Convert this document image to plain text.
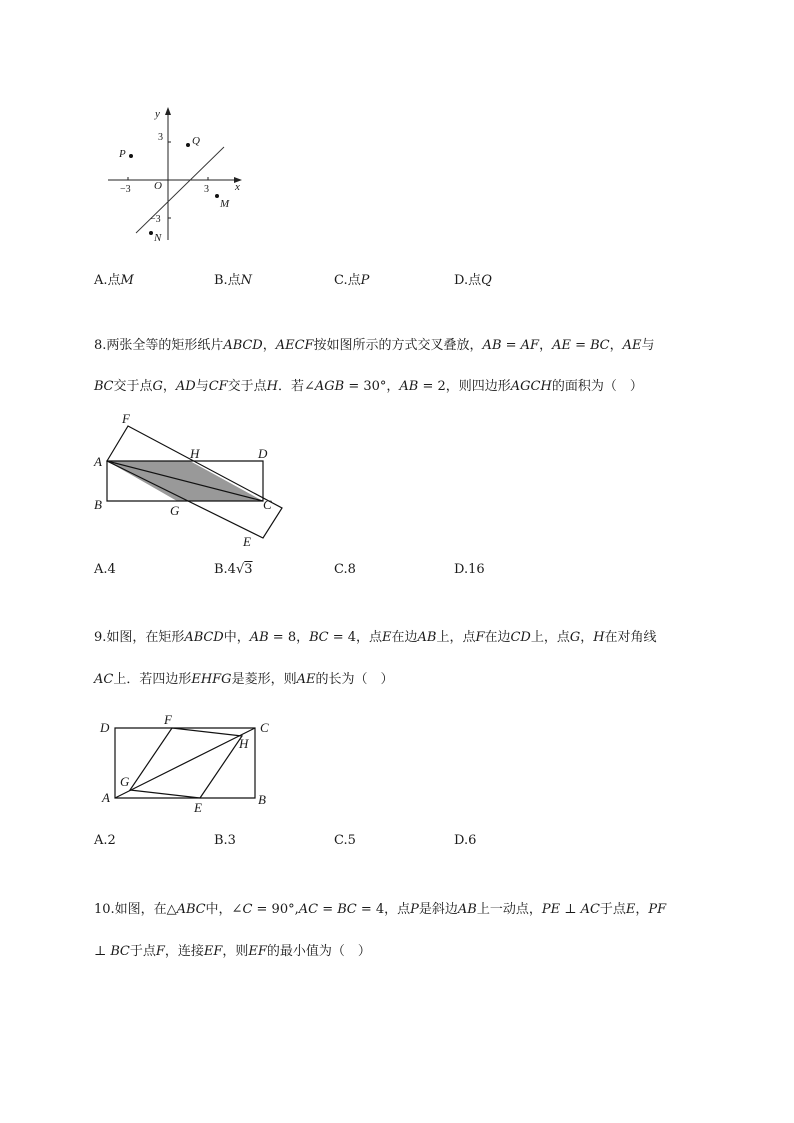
y
x
O
−3	3
3
−3
P
Q
M
N
A.点𝑀	B.点𝑁	C.点𝑃	D.点𝑄
8.两张全等的矩形纸片𝐴𝐵𝐶𝐷，𝐴𝐸𝐶𝐹按如图所示的方式交叉叠放，𝐴𝐵 = 𝐴𝐹，𝐴𝐸 = 𝐵𝐶，𝐴𝐸与
𝐵𝐶交于点𝐺，𝐴𝐷与𝐶𝐹交于点𝐻．若∠𝐴𝐺𝐵 = 30°，𝐴𝐵 = 2，则四边形𝐴𝐺𝐶𝐻的面积为（　）
F
H	D
A
B	G	C
E
A.4	B.4√3	C.8	D.16
9.如图，在矩形𝐴𝐵𝐶𝐷中，𝐴𝐵 = 8，𝐵𝐶 = 4，点𝐸在边𝐴𝐵上，点𝐹在边𝐶𝐷上，点𝐺，𝐻在对角线
𝐴𝐶上．若四边形𝐸𝐻𝐹𝐺是菱形，则𝐴𝐸的长为（　）
D
F
C
H
G
A
E
B
A.2	B.3	C.5	D.6
10.如图，在△𝐴𝐵𝐶中，∠𝐶 = 90°,𝐴𝐶 = 𝐵𝐶 = 4，点𝑃是斜边𝐴𝐵上一动点，𝑃𝐸 ⊥ 𝐴𝐶于点𝐸，𝑃𝐹
⊥ 𝐵𝐶于点𝐹，连接𝐸𝐹，则𝐸𝐹的最小值为（　）
